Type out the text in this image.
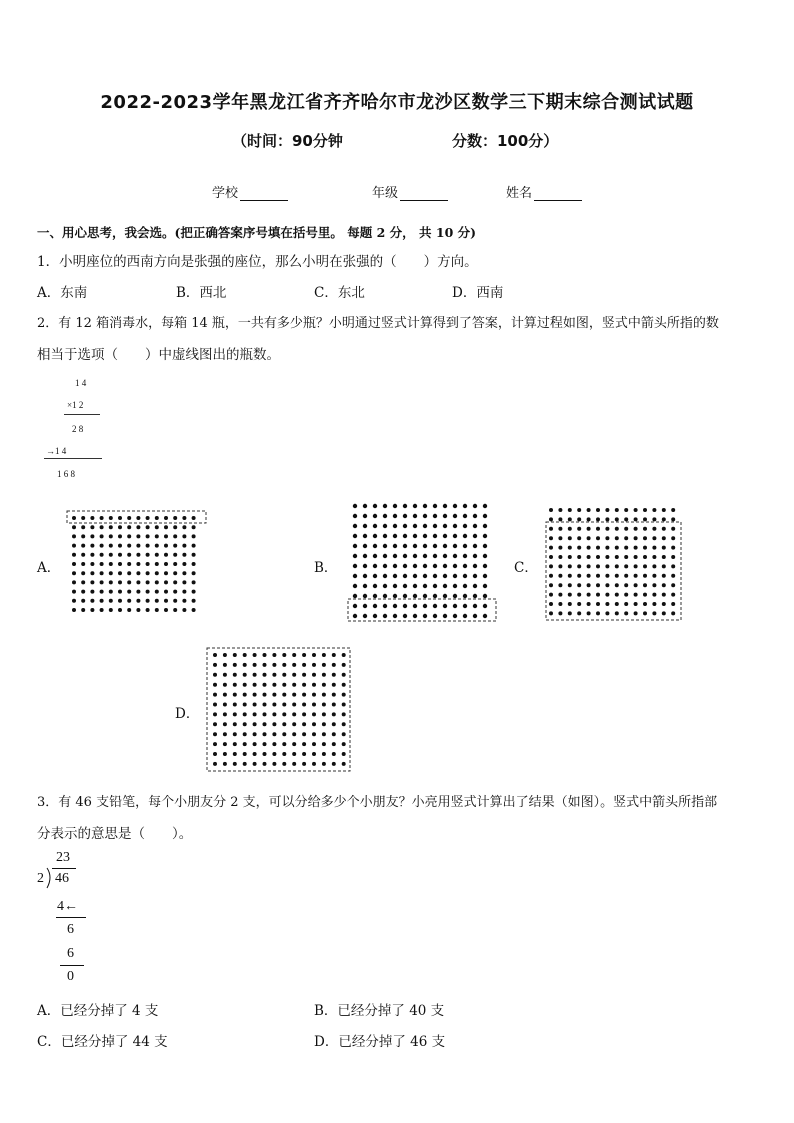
2022-2023学年黑龙江省齐齐哈尔市龙沙区数学三下期末综合测试试题
（时间：90分钟	分数：100分）
学校	年级	姓名
一、用心思考，我会选。(把正确答案序号填在括号里。 每题 2 分， 共 10 分)
1．小明座位的西南方向是张强的座位，那么小明在张强的（　　）方向。
A．东南	B．西北	C．东北	D．西南
2．有 12 箱消毒水，每箱 14 瓶，一共有多少瓶？小明通过竖式计算得到了答案，计算过程如图，竖式中箭头所指的数
相当于选项（　　）中虚线图出的瓶数。
1 4
×1 2
2 8
→1 4
1 6 8
A．	B．	C．
D．
3．有 46 支铅笔，每个小朋友分 2 支，可以分给多少个小朋友？小亮用竖式计算出了结果（如图）。竖式中箭头所指部
分表示的意思是（　　）。
23
2 46
4←
6
6
0
A．已经分掉了 4 支	B．已经分掉了 40 支
C．已经分掉了 44 支	D．已经分掉了 46 支
